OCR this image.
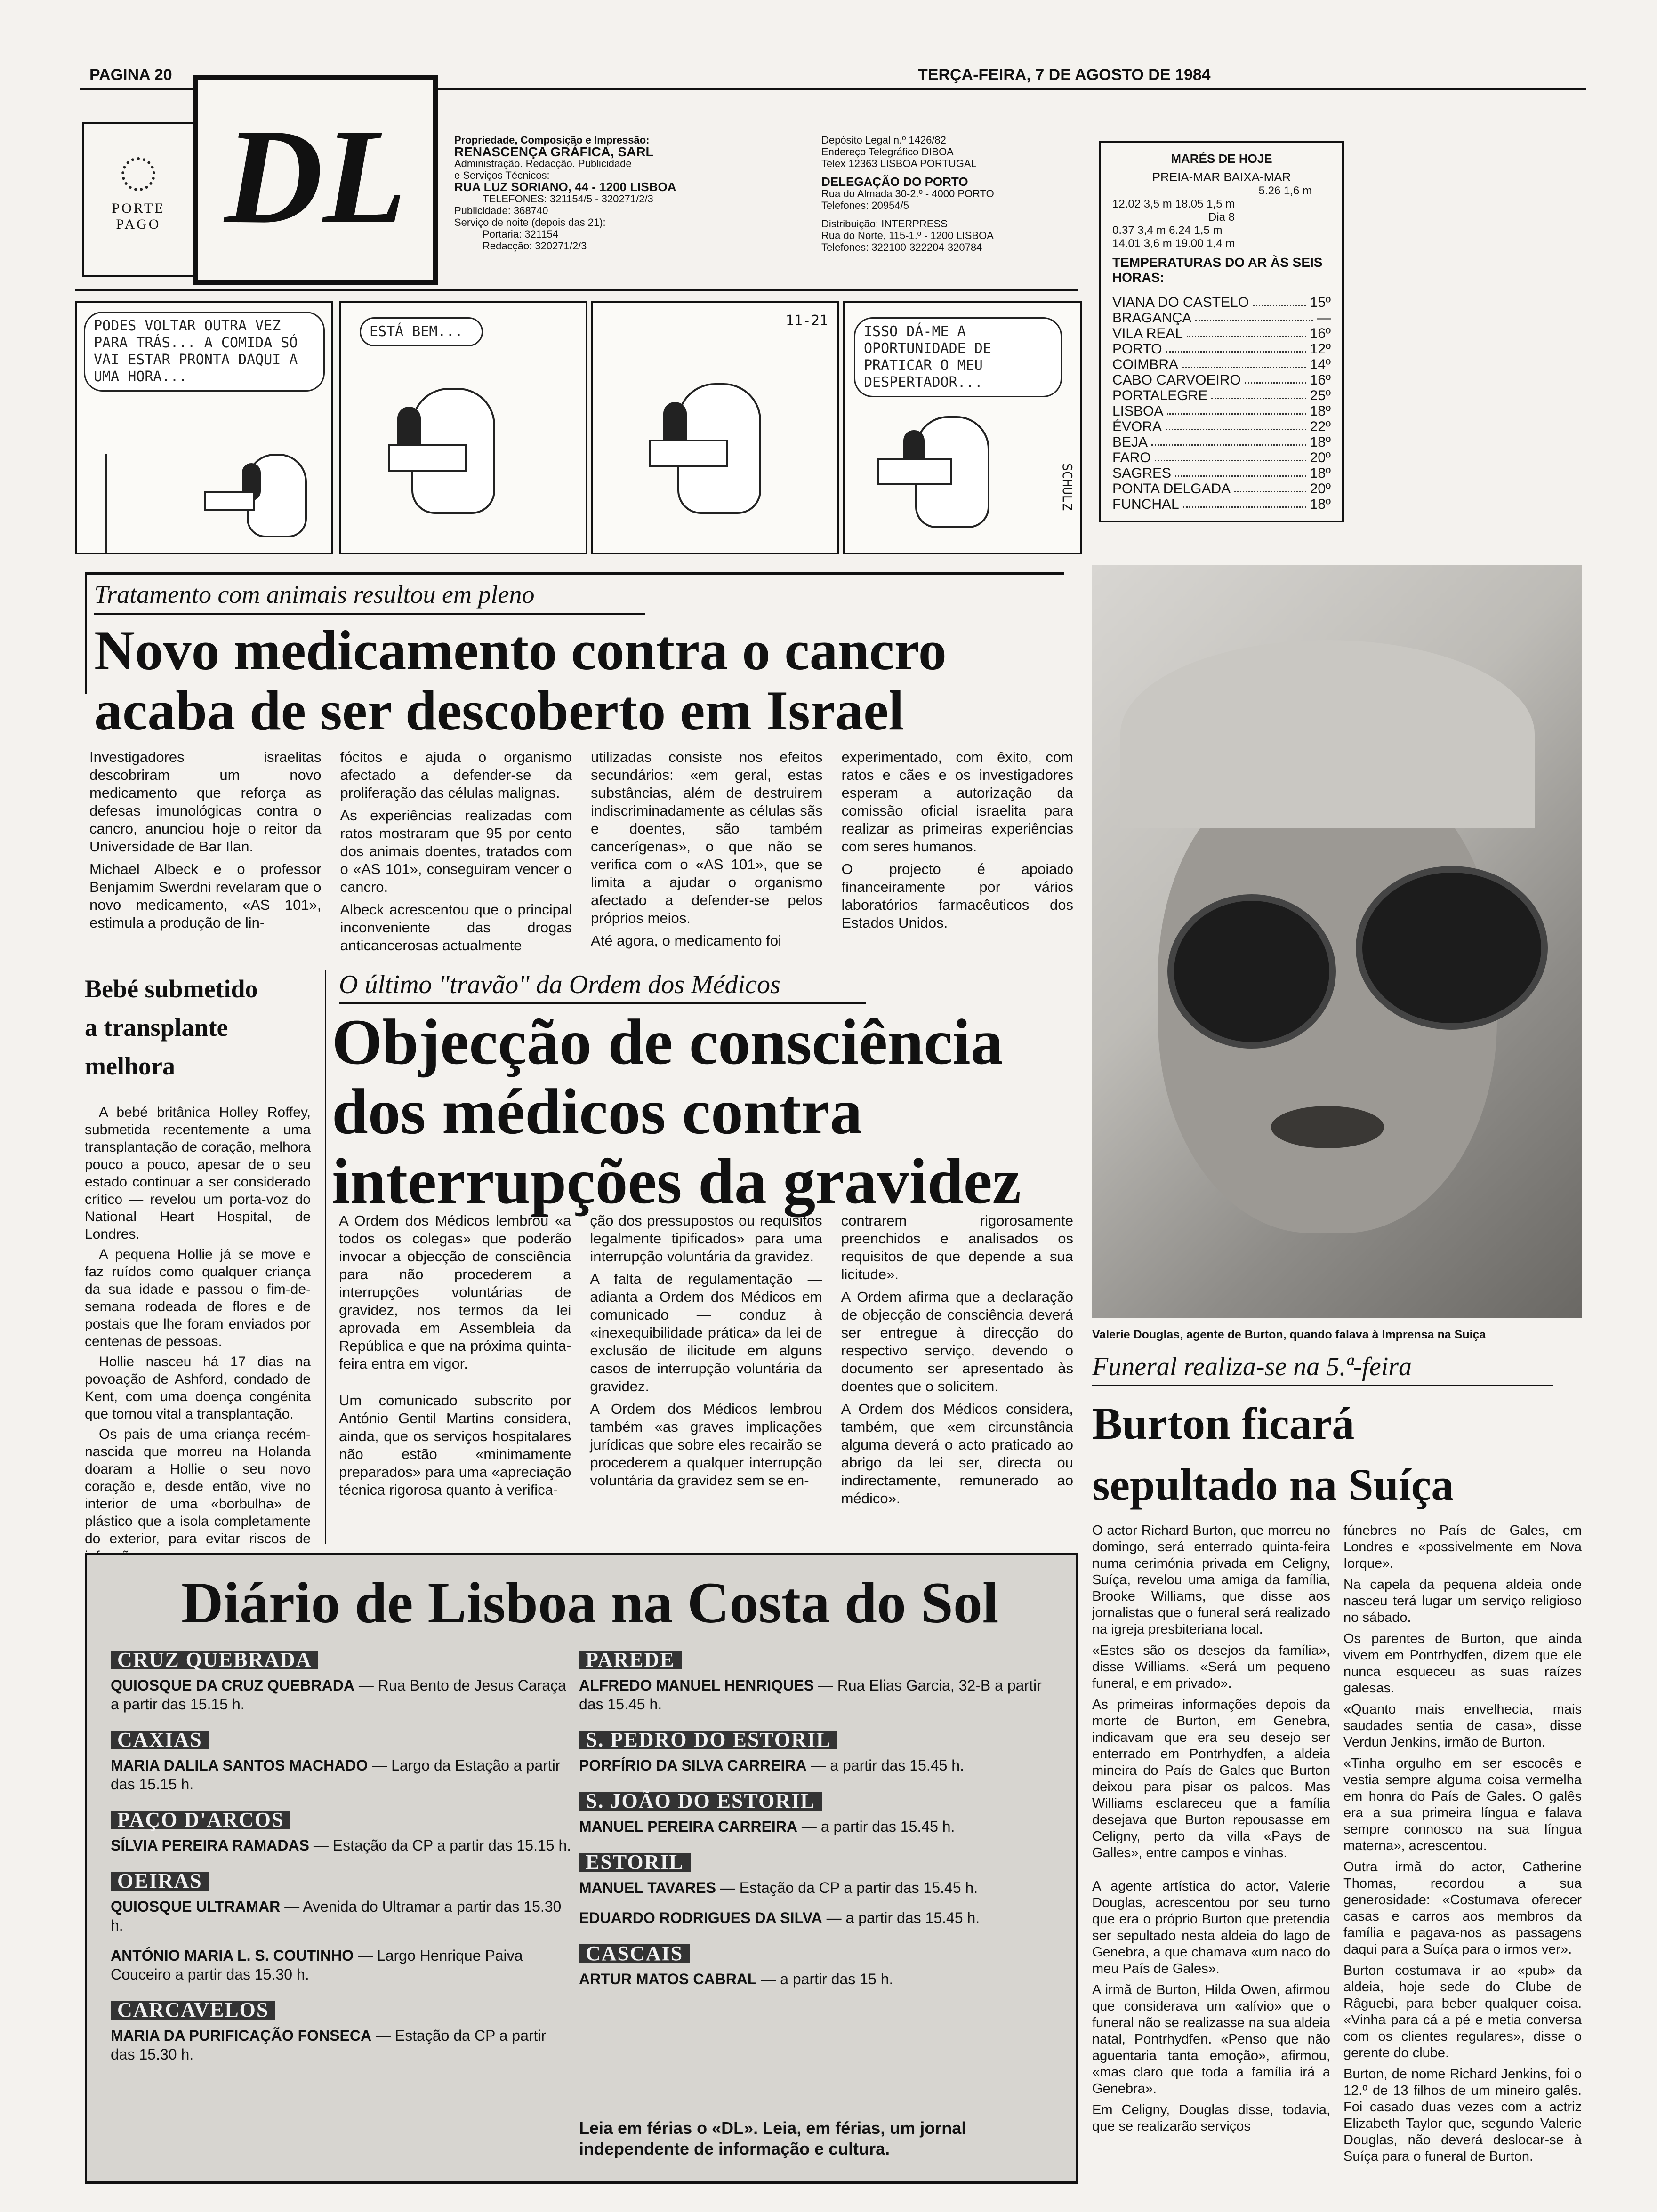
PAGINA 20	TERÇA-FEIRA, 7 DE AGOSTO DE 1984
PORTE
PAGO DL	Propriedade, Composição e Impressão:
RENASCENÇA GRÁFICA, SARL
Administração. Redacção. Publicidade
e Serviços Técnicos:
RUA LUZ SORIANO, 44 - 1200 LISBOA
TELEFONES: 321154/5 - 320271/2/3
Publicidade: 368740
Serviço de noite (depois das 21):
Portaria: 321154
Redacção: 320271/2/3
Depósito Legal n.º 1426/82
Endereço Telegráfico DIBOA
Telex 12363 LISBOA PORTUGAL
DELEGAÇÃO DO PORTO
Rua do Almada 30-2.º - 4000 PORTO
Telefones: 20954/5
Distribuição: INTERPRESS
Rua do Norte, 115-1.º - 1200 LISBOA
Telefones: 322100-322204-320784
MARÉS DE HOJE
PREIA-MAR BAIXA-MAR
5.26 1,6 m
12.02 3,5 m 18.05 1,5 m
Dia 8
0.37 3,4 m 6.24 1,5 m
14.01 3,6 m 19.00 1,4 m
TEMPERATURAS DO AR ÀS SEIS HORAS:
VIANA DO CASTELO	15º
BRAGANÇA	—
VILA REAL	16º
PORTO	12º
COIMBRA	14º
CABO CARVOEIRO	16º
PORTALEGRE	25º
LISBOA	18º
ÉVORA	22º
BEJA	18º
FARO	20º
SAGRES	18º
PONTA DELGADA	20º
FUNCHAL	18º
PODES VOLTAR OUTRA VEZ PARA TRÁS... A COMIDA SÓ VAI ESTAR PRONTA DAQUI A UMA HORA...
ESTÁ BEM...
11-21
ISSO DÁ-ME A OPORTUNIDADE DE PRATICAR O MEU DESPERTADOR...
SCHULZ
Tratamento com animais resultou em pleno
Novo medicamento contra o cancro
acaba de ser descoberto em Israel

Investigadores israelitas descobriram um novo medicamento que reforça as defesas imunológicas contra o cancro, anunciou hoje o reitor da Universidade de Bar Ilan.

Michael Albeck e o professor Benjamim Swerdni revelaram que o novo medicamento, «AS 101», estimula a produção de lin-

fócitos e ajuda o organismo afectado a defender-se da proliferação das células malignas.

As experiências realizadas com ratos mostraram que 95 por cento dos animais doentes, tratados com o «AS 101», conseguiram vencer o cancro.

Albeck acrescentou que o principal inconveniente das drogas anticancerosas actualmente

utilizadas consiste nos efeitos secundários: «em geral, estas substâncias, além de destruirem indiscriminadamente as células sãs e doentes, são também cancerígenas», o que não se verifica com o «AS 101», que se limita a ajudar o organismo afectado a defender-se pelos próprios meios.

Até agora, o medicamento foi

experimentado, com êxito, com ratos e cães e os investigadores esperam a autorização da comissão oficial israelita para realizar as primeiras experiências com seres humanos.

O projecto é apoiado financeiramente por vários laboratórios farmacêuticos dos Estados Unidos.

Bebé submetido
a transplante
melhora

A bebé britânica Holley Roffey, submetida recentemente a uma transplantação de coração, melhora pouco a pouco, apesar de o seu estado continuar a ser considerado crítico — revelou um porta-voz do National Heart Hospital, de Londres.

A pequena Hollie já se move e faz ruídos como qualquer criança da sua idade e passou o fim-de-semana rodeada de flores e de postais que lhe foram enviados por centenas de pessoas.

Hollie nasceu há 17 dias na povoação de Ashford, condado de Kent, com uma doença congénita que tornou vital a transplantação.

Os pais de uma criança recém-nascida que morreu na Holanda doaram a Hollie o seu novo coração e, desde então, vive no interior de uma «borbulha» de plástico que a isola completamente do exterior, para evitar riscos de

O último "travão" da Ordem dos Médicos
Objecção de consciência
dos médicos contra
interrupções da gravidez

A Ordem dos Médicos lembrou «a todos os colegas» que poderão invocar a objecção de consciência para não procederem a interrupções voluntárias de gravidez, nos termos da lei aprovada em Assembleia da República e que na próxima quinta-feira entra em vigor.

Um comunicado subscrito por António Gentil Martins considera, ainda, que os serviços hospitalares não estão «minimamente preparados» para uma «apreciação técnica rigorosa quanto à verifica-

ção dos pressupostos ou requisitos legalmente tipificados» para uma interrupção voluntária da gravidez.

A falta de regulamentação — adianta a Ordem dos Médicos em comunicado — conduz à «inexequibilidade prática» da lei de exclusão de ilicitude em alguns casos de interrupção voluntária da gravidez.

A Ordem dos Médicos lembrou também «as graves implicações jurídicas que sobre eles recairão se procederem a qualquer interrupção voluntária da gravidez sem se en-

contrarem rigorosamente preenchidos e analisados os requisitos de que depende a sua licitude».

A Ordem afirma que a declaração de objecção de consciência deverá ser entregue à direcção do respectivo serviço, devendo o documento ser apresentado às doentes que o solicitem.

A Ordem dos Médicos considera, também, que «em circunstância alguma deverá o acto praticado ao abrigo da lei ser, directa ou indirectamente, remunerado ao médico».

Valerie Douglas, agente de Burton, quando falava à Imprensa na Suiça
Funeral realiza-se na 5.ª-feira
Burton ficará
sepultado na Suíça

O actor Richard Burton, que morreu no domingo, será enterrado quinta-feira numa cerimónia privada em Celigny, Suíça, revelou uma amiga da família, Brooke Williams, que disse aos jornalistas que o funeral será realizado na igreja presbiteriana local.

«Estes são os desejos da família», disse Williams. «Será um pequeno funeral, e em privado».

As primeiras informações depois da morte de Burton, em Genebra, indicavam que era seu desejo ser enterrado em Pontrhydfen, a aldeia mineira do País de Gales que Burton deixou para pisar os palcos. Mas Williams esclareceu que a família desejava que Burton repousasse em Celigny, perto da villa «Pays de Galles», entre campos e vinhas.

A agente artística do actor, Valerie Douglas, acrescentou por seu turno que era o próprio Burton que pretendia ser sepultado nesta aldeia do lago de Genebra, a que chamava «um naco do meu País de Gales».

A irmã de Burton, Hilda Owen, afirmou que considerava um «alívio» que o funeral não se realizasse na sua aldeia natal, Pontrhydfen. «Penso que não aguentaria tanta emoção», afirmou, «mas claro que toda a família irá a Genebra».

Em Celigny, Douglas disse, todavia, que se realizarão serviços

fúnebres no País de Gales, em Londres e «possivelmente em Nova Iorque».

Na capela da pequena aldeia onde nasceu terá lugar um serviço religioso no sábado.

Os parentes de Burton, que ainda vivem em Pontrhydfen, dizem que ele nunca esqueceu as suas raízes galesas.

«Quanto mais envelhecia, mais saudades sentia de casa», disse Verdun Jenkins, irmão de Burton.

«Tinha orgulho em ser escocês e vestia sempre alguma coisa vermelha em honra do País de Gales. O galês era a sua primeira língua e falava sempre connosco na sua língua materna», acrescentou.

Outra irmã do actor, Catherine Thomas, recordou a sua generosidade: «Costumava oferecer casas e carros aos membros da família e pagava-nos as passagens daqui para a Suíça para o irmos ver».

Burton costumava ir ao «pub» da aldeia, hoje sede do Clube de Râguebi, para beber qualquer coisa. «Vinha para cá a pé e metia conversa com os clientes regulares», disse o gerente do clube.

Burton, de nome Richard Jenkins, foi o 12.º de 13 filhos de um mineiro galês. Foi casado duas vezes com a actriz Elizabeth Taylor que, segundo Valerie Douglas, não deverá deslocar-se à Suíça para o funeral de Burton.

Diário de Lisboa na Costa do Sol
CRUZ QUEBRADA
QUIOSQUE DA CRUZ QUEBRADA — Rua Bento de Jesus Caraça a partir das 15.15 h.
CAXIAS
MARIA DALILA SANTOS MACHADO — Largo da Estação a partir das 15.15 h.
PAÇO D'ARCOS
SÍLVIA PEREIRA RAMADAS — Estação da CP a partir das 15.15 h.
OEIRAS
QUIOSQUE ULTRAMAR — Avenida do Ultramar a partir das 15.30 h.
ANTÓNIO MARIA L. S. COUTINHO — Largo Henrique Paiva Couceiro a partir das 15.30 h.
CARCAVELOS
MARIA DA PURIFICAÇÃO FONSECA — Estação da CP a partir das 15.30 h.
PAREDE
ALFREDO MANUEL HENRIQUES — Rua Elias Garcia, 32-B a partir das 15.45 h.
S. PEDRO DO ESTORIL
PORFÍRIO DA SILVA CARREIRA — a partir das 15.45 h.
S. JOÃO DO ESTORIL
MANUEL PEREIRA CARREIRA — a partir das 15.45 h.
ESTORIL
MANUEL TAVARES — Estação da CP a partir das 15.45 h.
EDUARDO RODRIGUES DA SILVA — a partir das 15.45 h.
CASCAIS
ARTUR MATOS CABRAL — a partir das 15 h.
Leia em férias o «DL». Leia, em férias, um jornal independente de informação e cultura.
